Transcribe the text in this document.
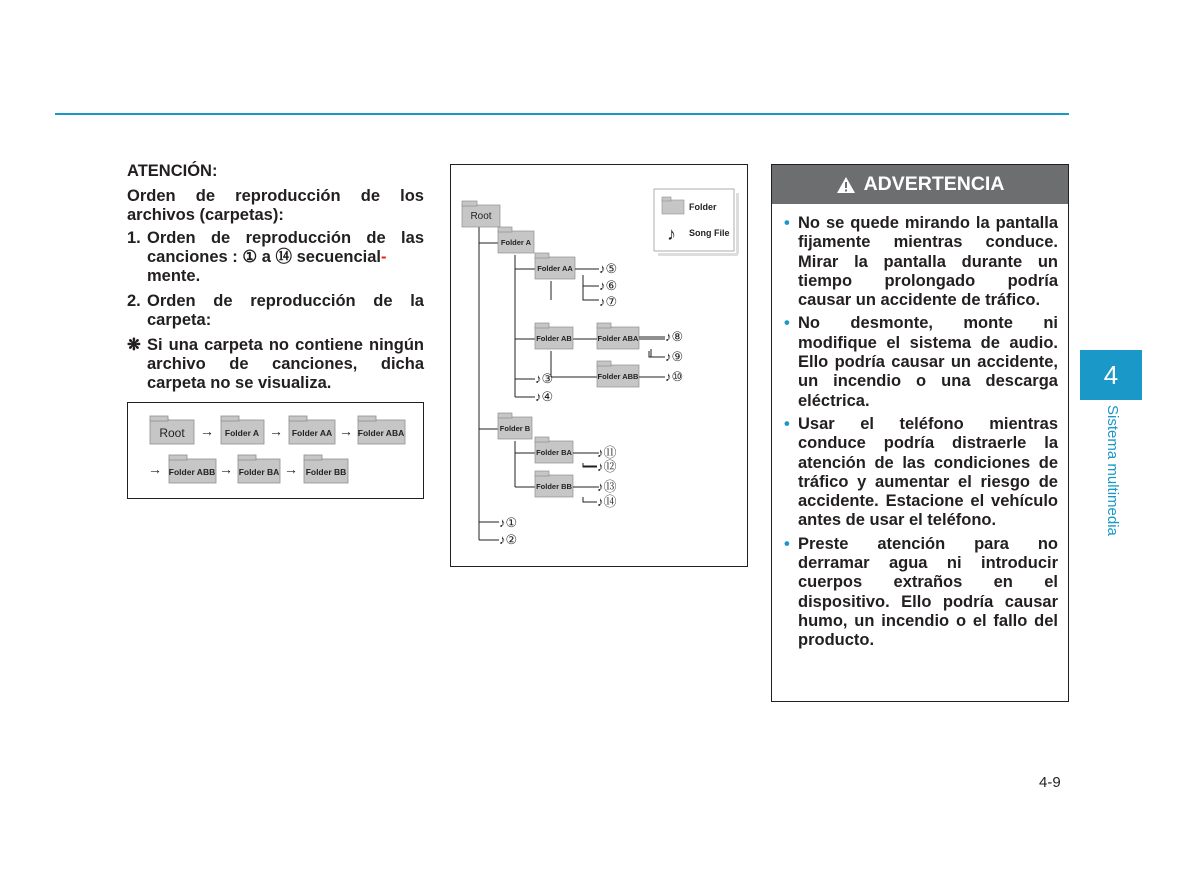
ATENCIÓN:

Orden de reproducción de los archivos (carpetas):

1. Orden de reproducción de las canciones : ① a ⑭ secuencial-
mente.

2. Orden de reproducción de la carpeta:

❋ Si una carpeta no contiene ningún archivo de canciones, dicha carpeta no se visualiza.

Root → Folder A → Folder AA → Folder ABA
→ Folder ABB → Folder BA → Folder BB
Folder
♪ Song File
Root
Folder A
Folder AA
Folder AB	Folder ABA
Folder ABB
Folder B
Folder BA
Folder BB
♪⑤
♪⑥
♪⑦
♪⑧
♪⑨
♪⑩
♪③
♪④
♪⑪
♪⑫
♪⑬
♪⑭
♪①
♪②
ADVERTENCIA
• No se quede mirando la pantalla fijamente mientras conduce. Mirar la pantalla durante un tiempo prolongado podría causar un accidente de tráfico.
• No desmonte, monte ni modifique el sistema de audio. Ello podría causar un accidente, un incendio o una descarga eléctrica.
• Usar el teléfono mientras conduce podría distraerle la atención de las condiciones de tráfico y aumentar el riesgo de accidente. Estacione el vehículo antes de usar el teléfono.
• Preste atención para no derramar agua ni introducir cuerpos extraños en el dispositivo. Ello podría causar humo, un incendio o el fallo del producto.
4
Sistema multimedia
4-9
